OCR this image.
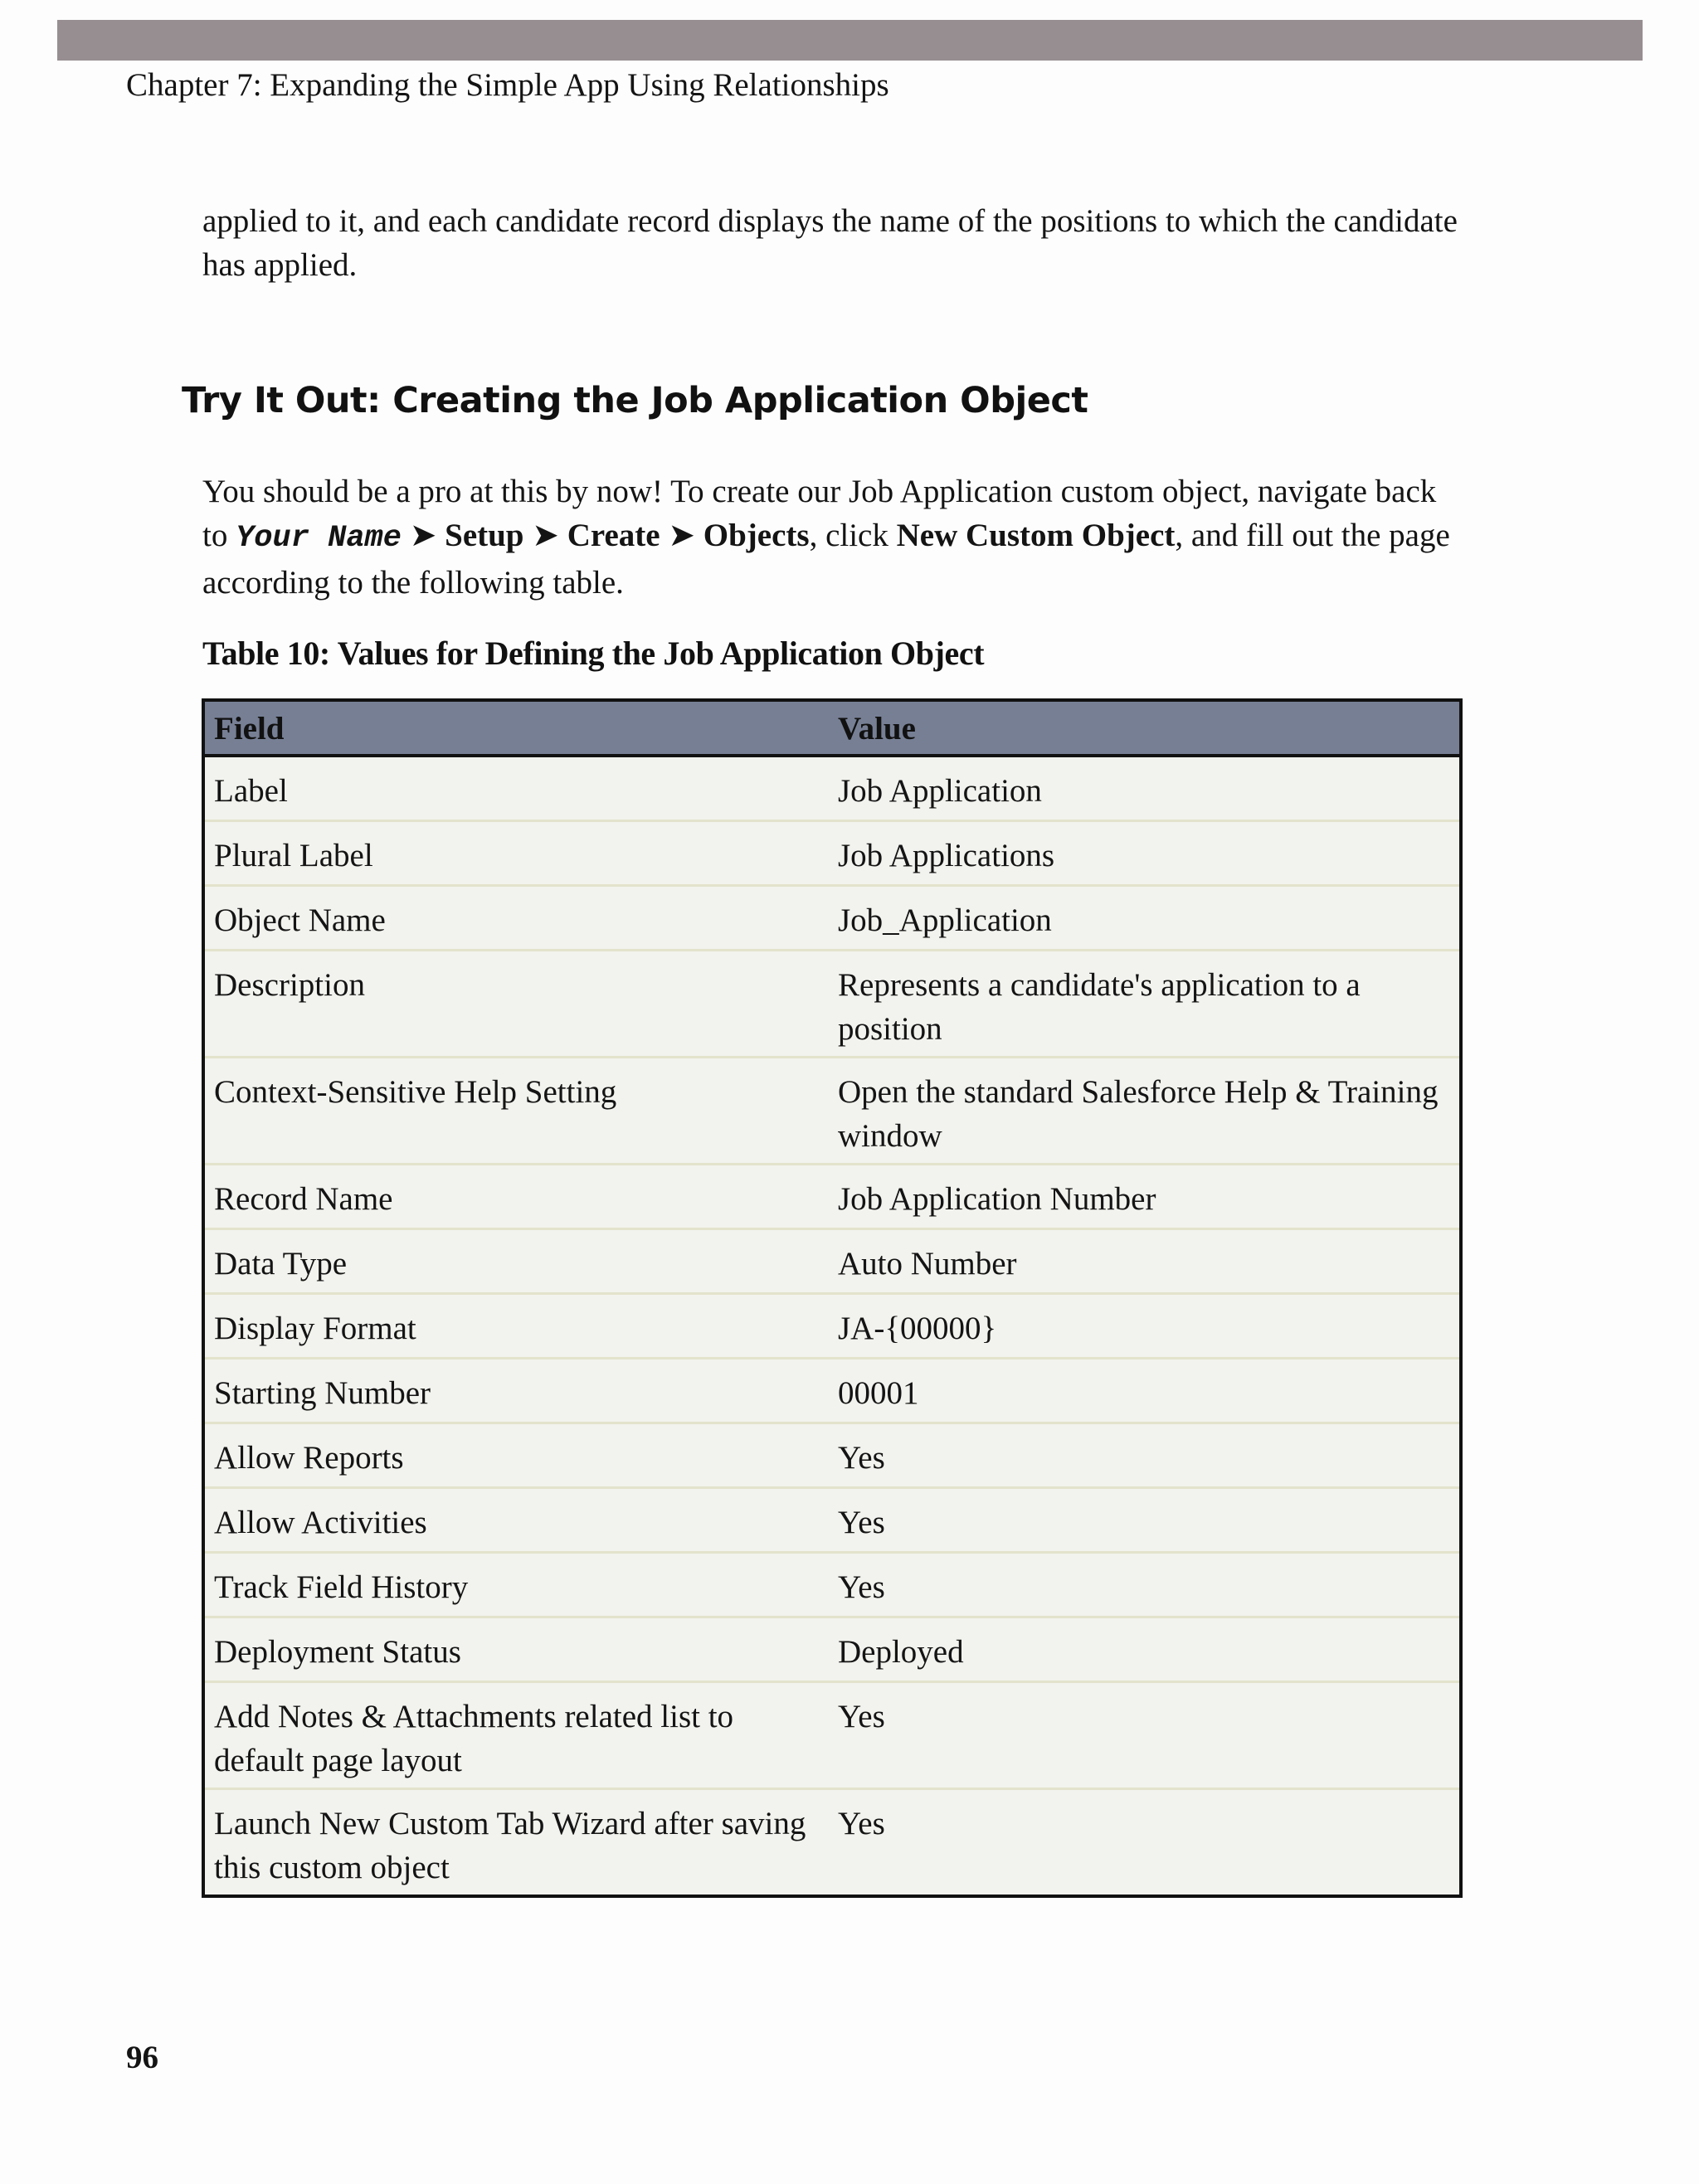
Chapter 7: Expanding the Simple App Using Relationships

applied to it, and each candidate record displays the name of the positions to which the candidate has applied.

Try It Out: Creating the Job Application Object

You should be a pro at this by now! To create our Job Application custom object, navigate back to Your Name ➤ Setup ➤ Create ➤ Objects, click New Custom Object, and fill out the page according to the following table.

Table 10: Values for Defining the Job Application Object
Field	Value
Label	Job Application
Plural Label	Job Applications
Object Name	Job_Application
Description	Represents a candidate's application to a position
Context-Sensitive Help Setting	Open the standard Salesforce Help & Training window
Record Name	Job Application Number
Data Type	Auto Number
Display Format	JA-{00000}
Starting Number	00001
Allow Reports	Yes
Allow Activities	Yes
Track Field History	Yes
Deployment Status	Deployed
Add Notes & Attachments related list to default page layout	Yes
Launch New Custom Tab Wizard after saving this custom object	Yes
96
